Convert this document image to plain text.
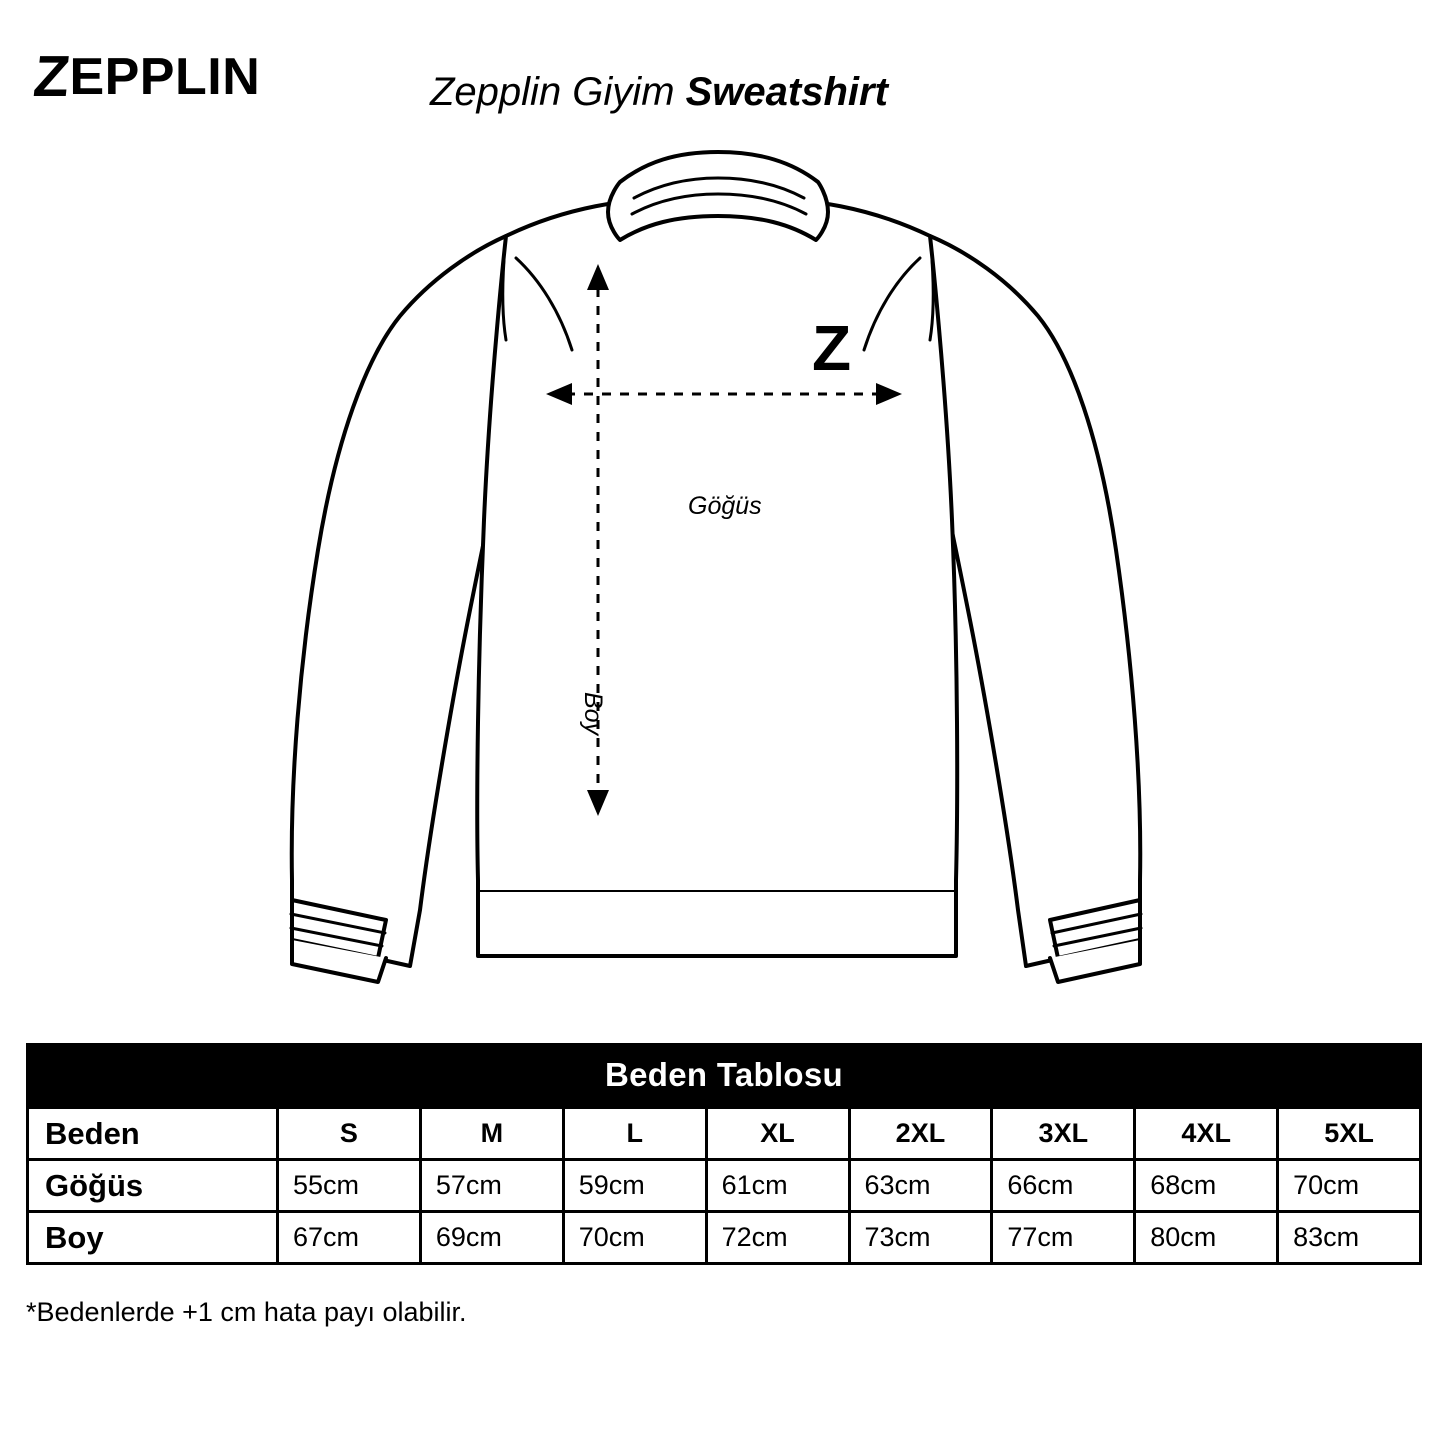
Z
EPPLIN	Zepplin Giyim Sweatshirt
Z
Göğüs
Boy
Beden Tablosu								
Beden	S	M	L	XL	2XL	3XL	4XL	5XL
Göğüs	55cm	57cm	59cm	61cm	63cm	66cm	68cm	70cm
Boy	67cm	69cm	70cm	72cm	73cm	77cm	80cm	83cm
*Bedenlerde +1 cm hata payı olabilir.
